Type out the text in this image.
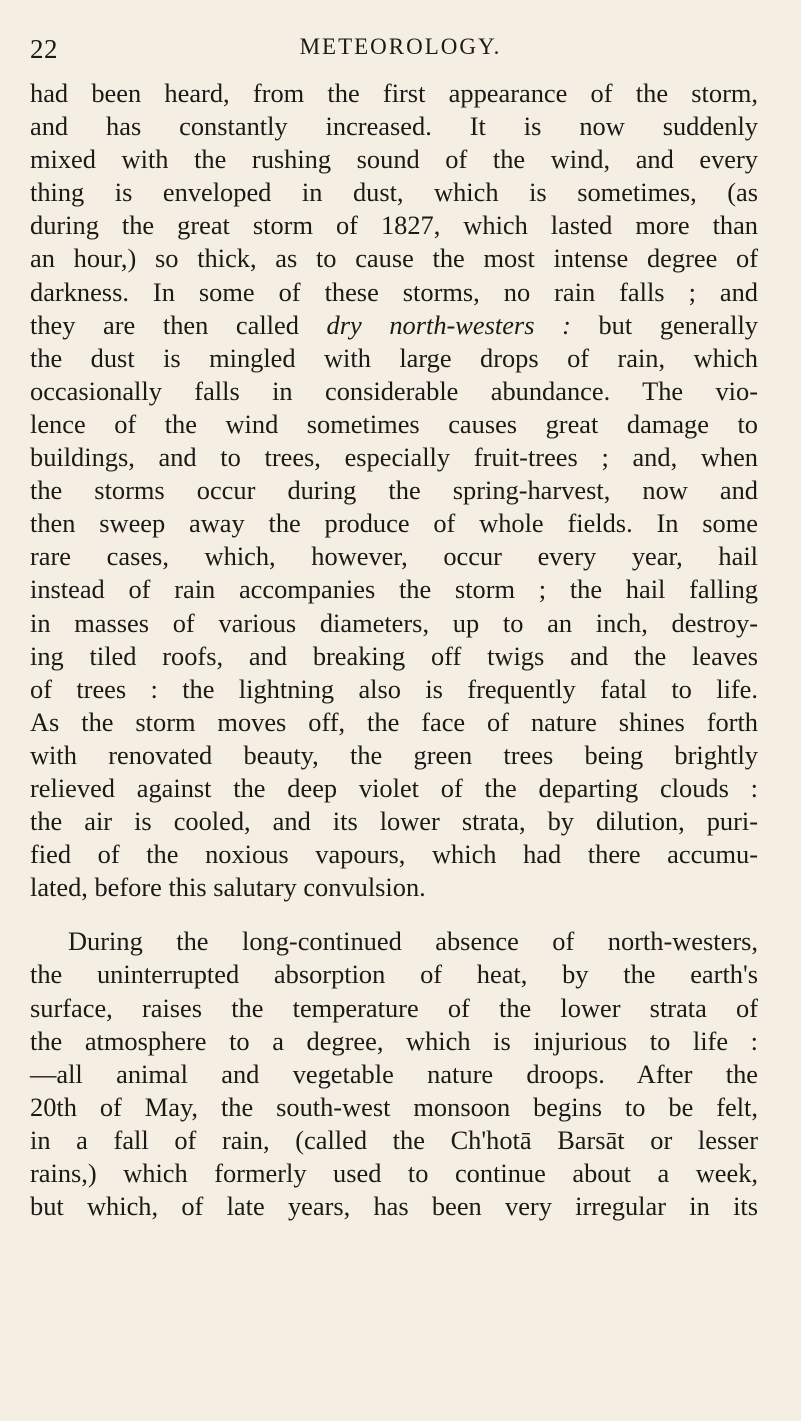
22	METEOROLOGY.
had been heard, from the first appearance of the storm,
and has constantly increased. It is now suddenly
mixed with the rushing sound of the wind, and every
thing is enveloped in dust, which is sometimes, (as
during the great storm of 1827, which lasted more than
an hour,) so thick, as to cause the most intense degree of
darkness. In some of these storms, no rain falls ; and
they are then called dry north-westers : but generally
the dust is mingled with large drops of rain, which
occasionally falls in considerable abundance. The vio-
lence of the wind sometimes causes great damage to
buildings, and to trees, especially fruit-trees ; and, when
the storms occur during the spring-harvest, now and
then sweep away the produce of whole fields. In some
rare cases, which, however, occur every year, hail
instead of rain accompanies the storm ; the hail falling
in masses of various diameters, up to an inch, destroy-
ing tiled roofs, and breaking off twigs and the leaves
of trees : the lightning also is frequently fatal to life.
As the storm moves off, the face of nature shines forth
with renovated beauty, the green trees being brightly
relieved against the deep violet of the departing clouds :
the air is cooled, and its lower strata, by dilution, puri-
fied of the noxious vapours, which had there accumu-
lated, before this salutary convulsion.
During the long-continued absence of north-westers,
the uninterrupted absorption of heat, by the earth's
surface, raises the temperature of the lower strata of
the atmosphere to a degree, which is injurious to life :
—all animal and vegetable nature droops. After the
20th of May, the south-west monsoon begins to be felt,
in a fall of rain, (called the Ch'hotā Barsāt or lesser
rains,) which formerly used to continue about a week,
but which, of late years, has been very irregular in its
